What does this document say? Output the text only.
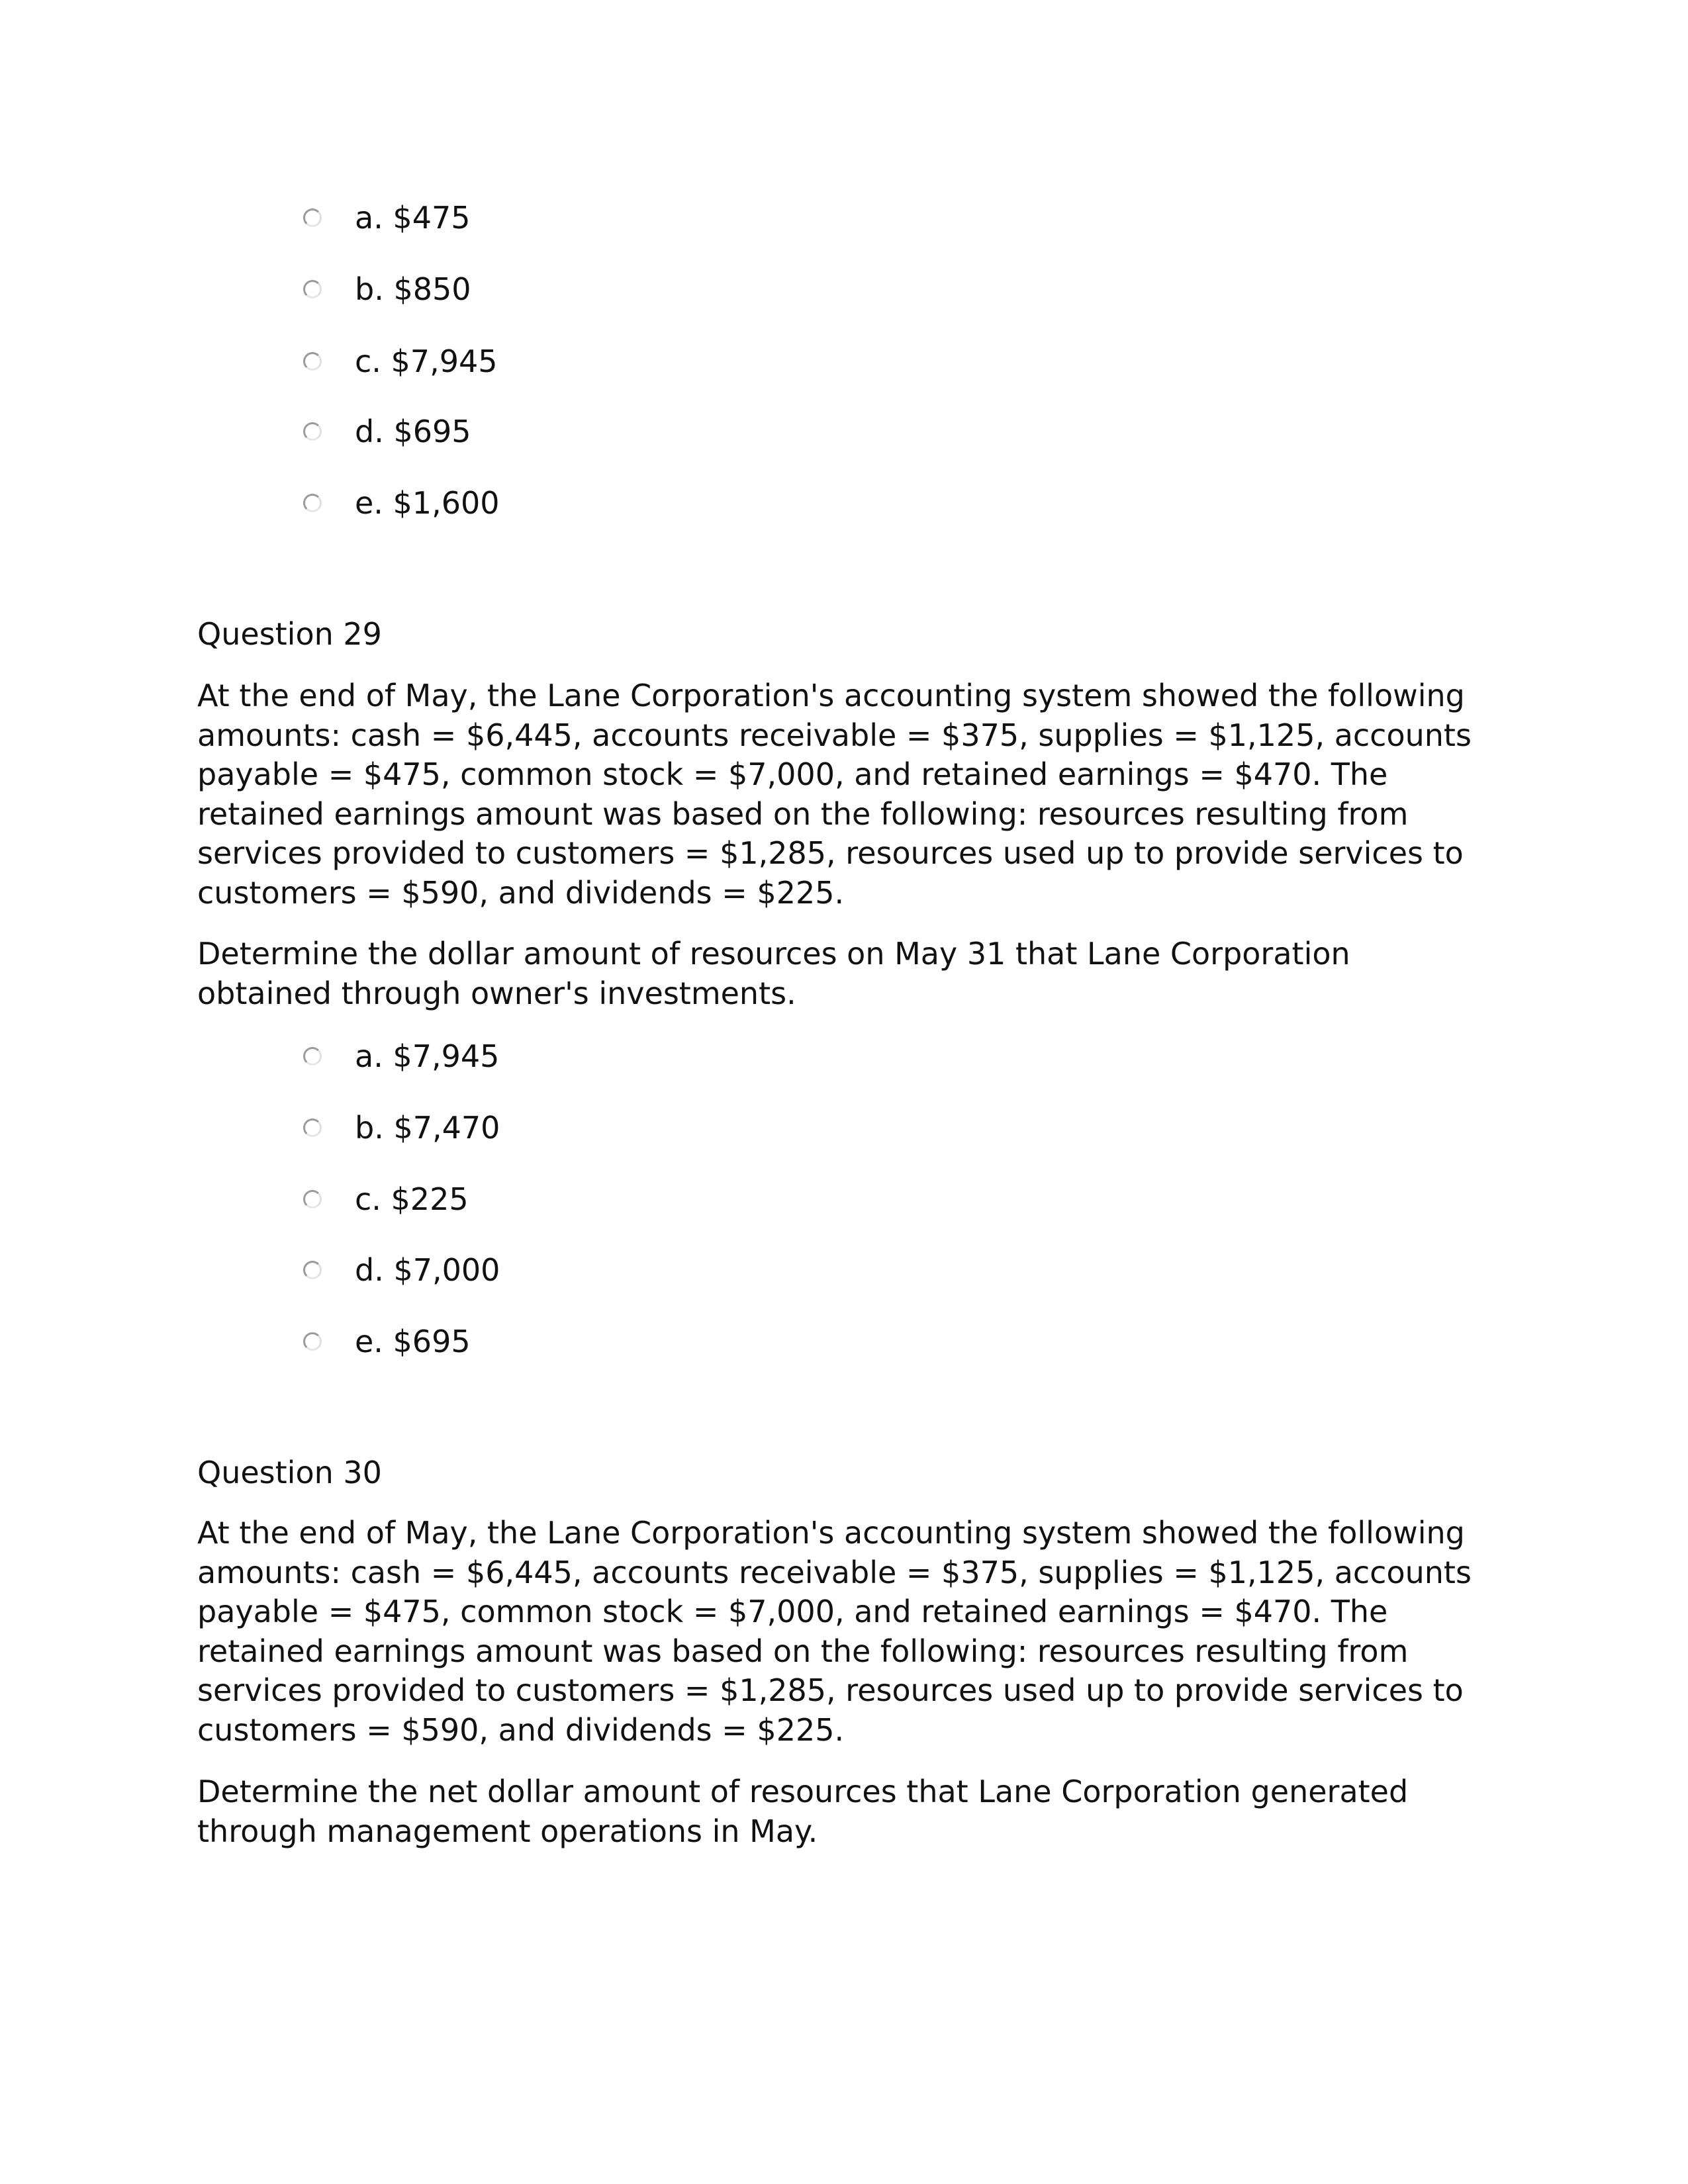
a. $475
b. $850
c. $7,945
d. $695
e. $1,600
Question 29
At the end of May, the Lane Corporation's accounting system showed the following
amounts: cash = $6,445, accounts receivable = $375, supplies = $1,125, accounts
payable = $475, common stock = $7,000, and retained earnings = $470. The
retained earnings amount was based on the following: resources resulting from
services provided to customers = $1,285, resources used up to provide services to
customers = $590, and dividends = $225.
Determine the dollar amount of resources on May 31 that Lane Corporation
obtained through owner's investments.
a. $7,945
b. $7,470
c. $225
d. $7,000
e. $695
Question 30
At the end of May, the Lane Corporation's accounting system showed the following
amounts: cash = $6,445, accounts receivable = $375, supplies = $1,125, accounts
payable = $475, common stock = $7,000, and retained earnings = $470. The
retained earnings amount was based on the following: resources resulting from
services provided to customers = $1,285, resources used up to provide services to
customers = $590, and dividends = $225.
Determine the net dollar amount of resources that Lane Corporation generated
through management operations in May.
